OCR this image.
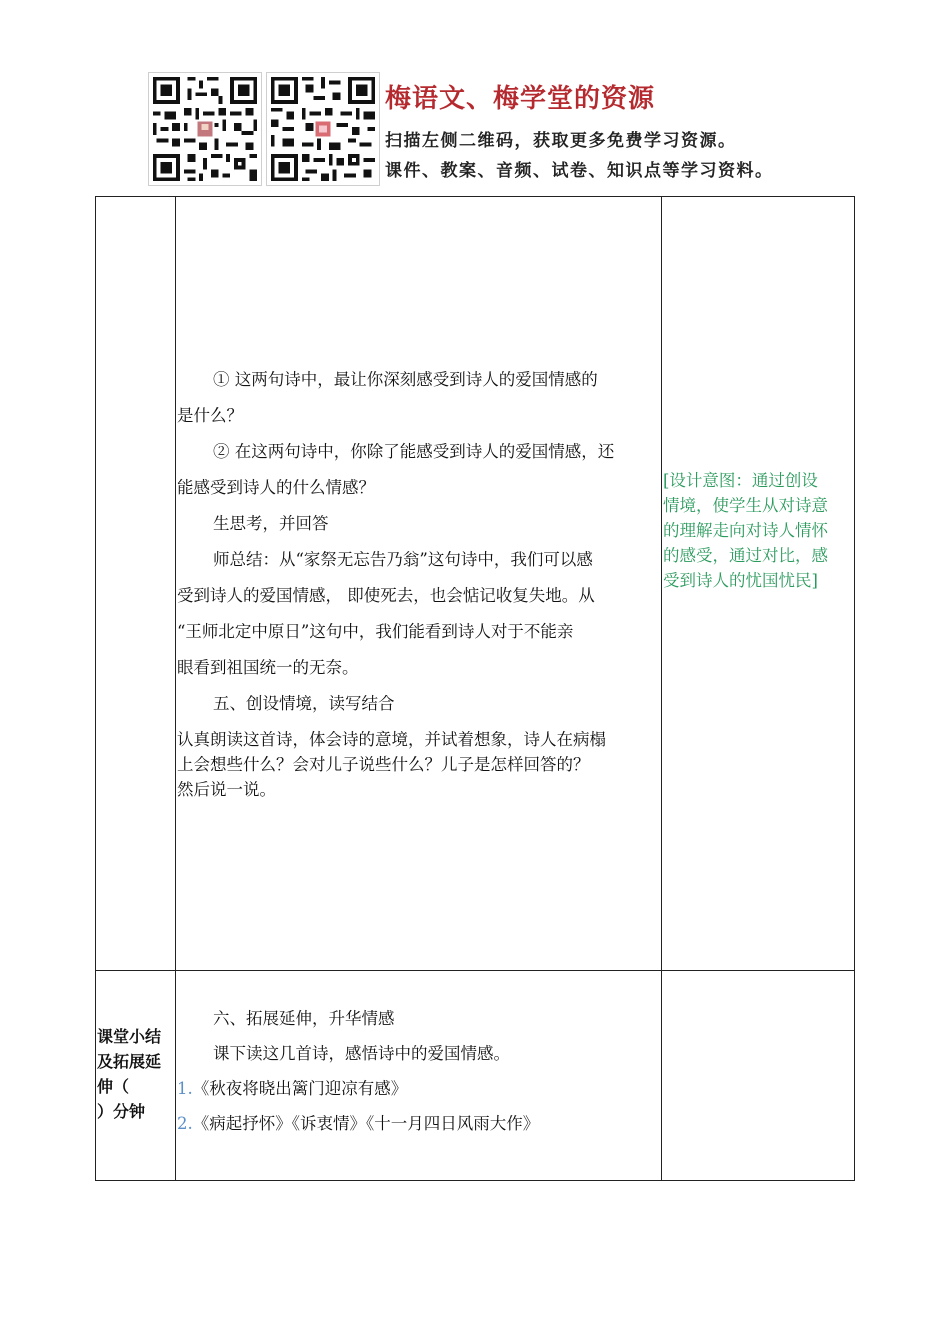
梅语文、梅学堂的资源
扫描左侧二维码，获取更多免费学习资源。
课件、教案、音频、试卷、知识点等学习资料。

① 这两句诗中，最让你深刻感受到诗人的爱国情感的

是什么？

② 在这两句诗中，你除了能感受到诗人的爱国情感，还

能感受到诗人的什么情感？

生思考，并回答

师总结：从“家祭无忘告乃翁”这句诗中，我们可以感

受到诗人的爱国情感， 即使死去，也会惦记收复失地。从

“王师北定中原日”这句中，我们能看到诗人对于不能亲

眼看到祖国统一的无奈。

五、创设情境，读写结合

认真朗读这首诗，体会诗的意境，并试着想象，诗人在病榻

上会想些什么？会对儿子说些什么？儿子是怎样回答的？

然后说一说。

[设计意图：通过创设
情境，使学生从对诗意
的理解走向对诗人情怀
的感受，通过对比，感
受到诗人的忧国忧民]
课堂小结
及拓展延
伸（
）分钟

六、拓展延伸，升华情感

课下读这几首诗，感悟诗中的爱国情感。

1.《秋夜将晓出篱门迎凉有感》

2.《病起抒怀》《诉衷情》《十一月四日风雨大作》
